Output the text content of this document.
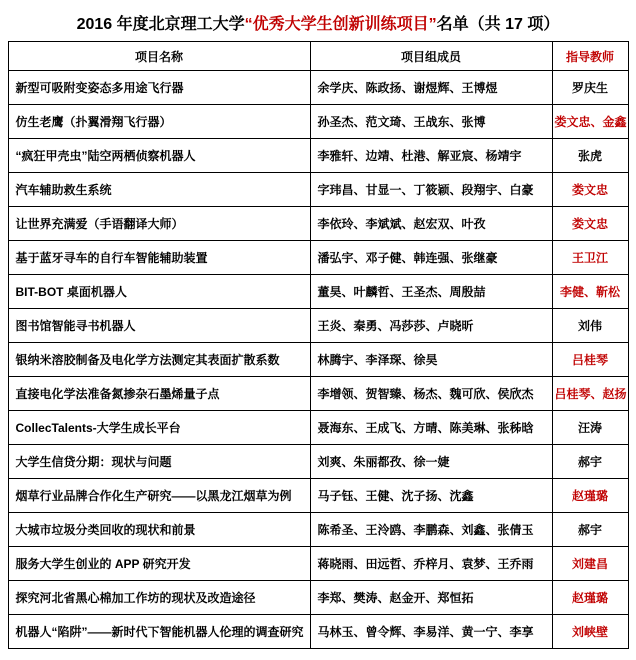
2016 年度北京理工大学“优秀大学生创新训练项目”名单（共 17 项）
项目名称	项目组成员	指导教师
新型可吸附变姿态多用途飞行器	余学庆、陈政扬、谢煜辉、王博煜	罗庆生
仿生老鹰（扑翼滑翔飞行器）	孙圣杰、范文琦、王战东、张博	娄文忠、金鑫
“疯狂甲壳虫”陆空两栖侦察机器人	李雅轩、边靖、杜港、解亚宸、杨靖宇	张虎
汽车辅助救生系统	字玮昌、甘显一、丁筱颖、段翔宇、白豪	娄文忠
让世界充满爱（手语翻译大师）	李依玲、李斌斌、赵宏双、叶孜	娄文忠
基于蓝牙寻车的自行车智能辅助装置	潘弘宇、邓子健、韩连强、张继豪	王卫江
BIT-BOT 桌面机器人	董昊、叶麟哲、王圣杰、周殷喆	李健、靳松
图书馆智能寻书机器人	王炎、秦勇、冯莎莎、卢晓昕	刘伟
银纳米溶胶制备及电化学方法测定其表面扩散系数	林腾宇、李泽琛、徐昊	吕桂琴
直接电化学法准备氮掺杂石墨烯量子点	李增领、贺智臻、杨杰、魏可欣、侯欣杰	吕桂琴、赵扬
CollecTalents-大学生成长平台	聂海东、王成飞、方晴、陈美琳、张秭晗	汪涛
大学生信贷分期：现状与问题	刘爽、朱丽都孜、徐一婕	郝宇
烟草行业品牌合作化生产研究——以黑龙江烟草为例	马子钰、王健、沈子扬、沈鑫	赵瑾璐
大城市垃圾分类回收的现状和前景	陈希圣、王泠鸥、李鹏森、刘鑫、张倩玉	郝宇
服务大学生创业的 APP 研究开发	蒋晓雨、田远哲、乔梓月、袁梦、王乔雨	刘建昌
探究河北省黑心棉加工作坊的现状及改造途径	李郑、樊涛、赵金开、郑恒拓	赵瑾璐
机器人“陷阱”——新时代下智能机器人伦理的调查研究	马林玉、曾令辉、李易洋、黄一宁、李享	刘峡壁
